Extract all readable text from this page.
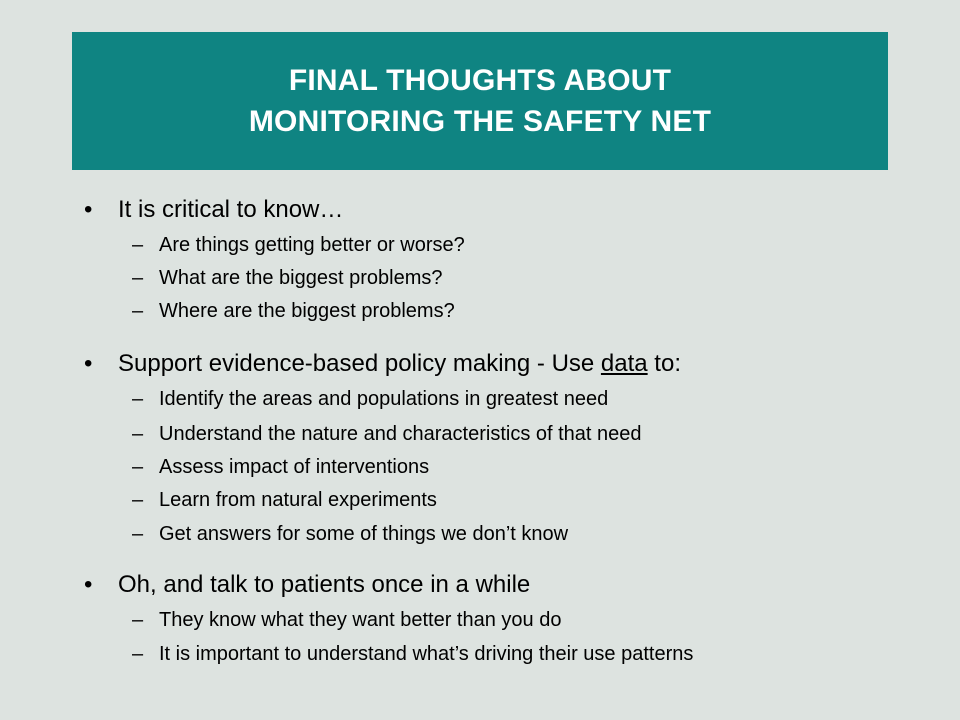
FINAL THOUGHTS ABOUT
MONITORING THE SAFETY NET
•	It is critical to know…
– Are things getting better or worse?
– What are the biggest problems?
– Where are the biggest problems?
•	Support evidence-based policy making - Use data to:
– Identify the areas and populations in greatest need
– Understand the nature and characteristics of that need
– Assess impact of interventions
– Learn from natural experiments
– Get answers for some of things we don’t know
•	Oh, and talk to patients once in a while
– They know what they want better than you do
– It is important to understand what’s driving their use patterns
